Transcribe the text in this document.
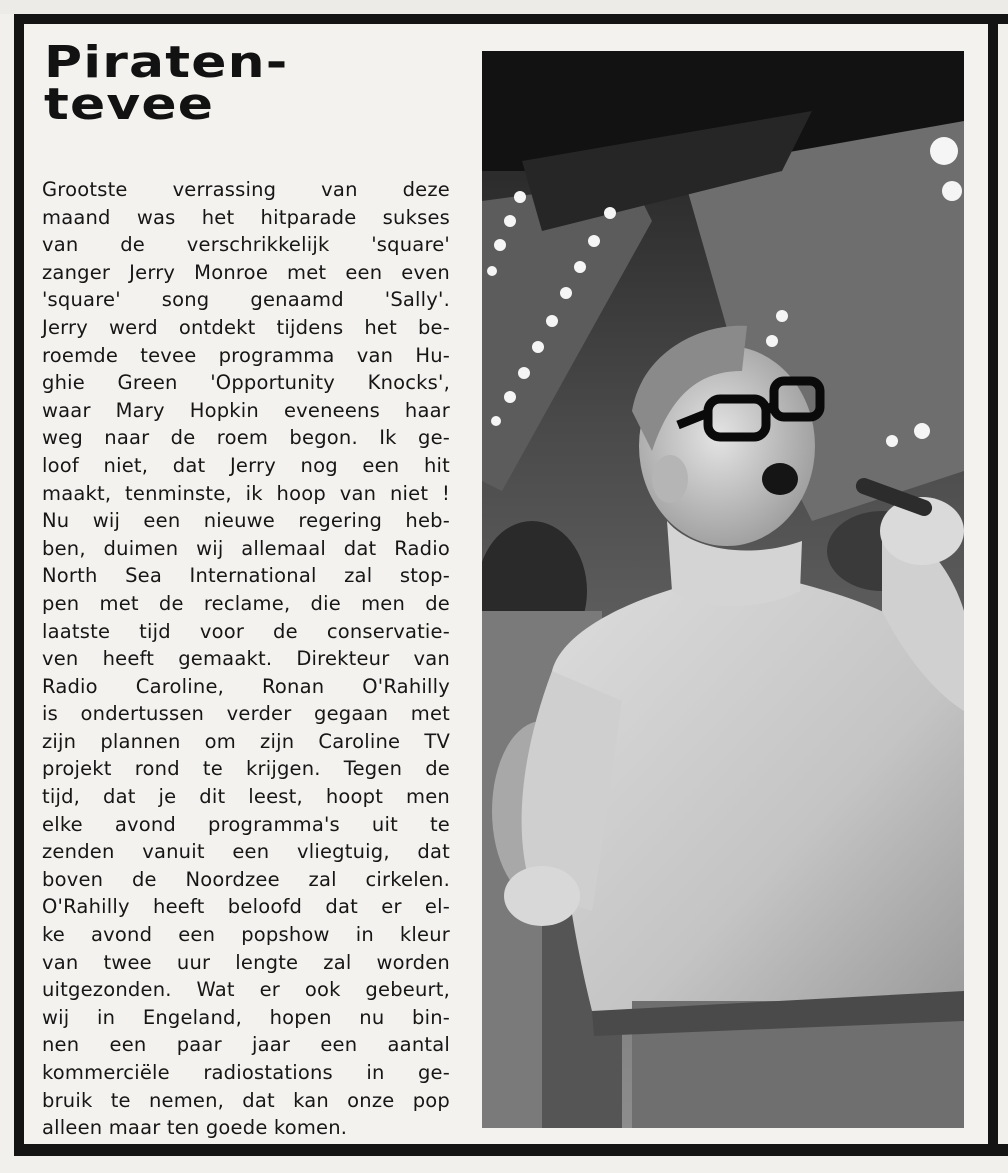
Piraten-
tevee
Grootste verrassing van deze
maand was het hitparade sukses
van de verschrikkelijk 'square'
zanger Jerry Monroe met een even
'square' song genaamd 'Sally'.
Jerry werd ontdekt tijdens het be-
roemde tevee programma van Hu-
ghie Green 'Opportunity Knocks',
waar Mary Hopkin eveneens haar
weg naar de roem begon. Ik ge-
loof niet, dat Jerry nog een hit
maakt, tenminste, ik hoop van niet !
Nu wij een nieuwe regering heb-
ben, duimen wij allemaal dat Radio
North Sea International zal stop-
pen met de reclame, die men de
laatste tijd voor de conservatie-
ven heeft gemaakt. Direkteur van
Radio Caroline, Ronan O'Rahilly
is ondertussen verder gegaan met
zijn plannen om zijn Caroline TV
projekt rond te krijgen. Tegen de
tijd, dat je dit leest, hoopt men
elke avond programma's uit te
zenden vanuit een vliegtuig, dat
boven de Noordzee zal cirkelen.
O'Rahilly heeft beloofd dat er el-
ke avond een popshow in kleur
van twee uur lengte zal worden
uitgezonden. Wat er ook gebeurt,
wij in Engeland, hopen nu bin-
nen een paar jaar een aantal
kommerciële radiostations in ge-
bruik te nemen, dat kan onze pop
alleen maar ten goede komen.
